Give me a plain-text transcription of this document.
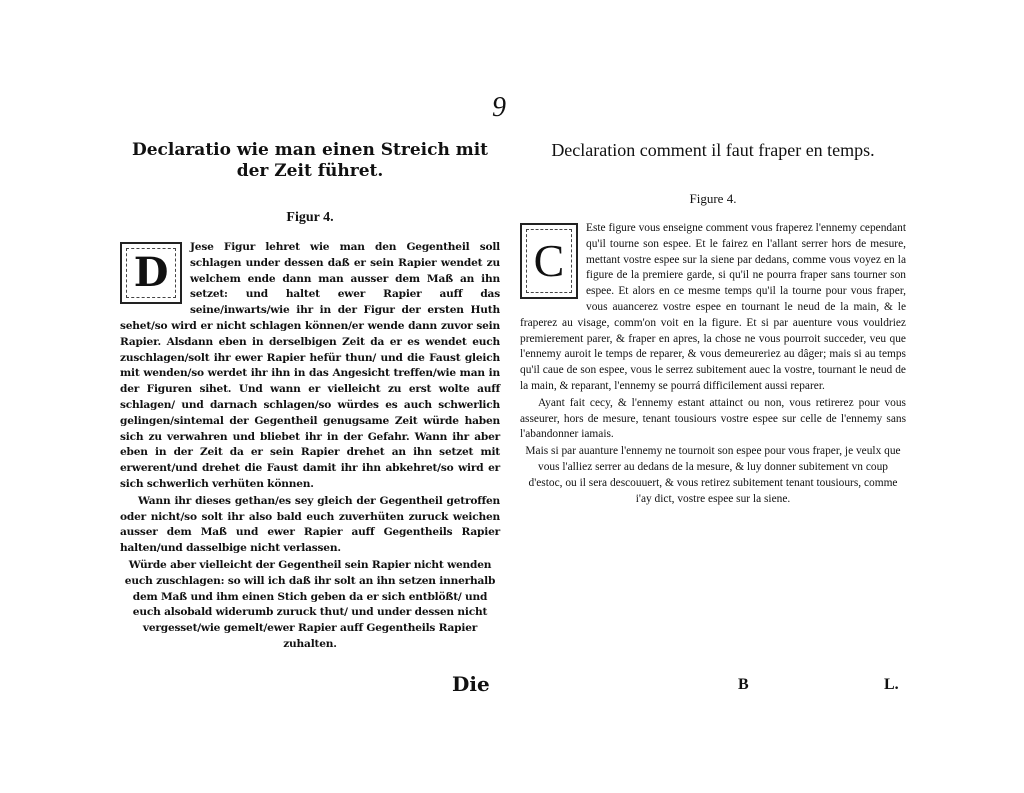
9

Declaratio wie man einen Streich mit der Zeit führet.

Figur 4.
D

Jese Figur lehret wie man den Gegentheil soll schlagen under dessen daß er sein Rapier wendet zu welchem ende dann man ausser dem Maß an ihn setzet: und haltet ewer Rapier auff das seine/inwarts/wie ihr in der Figur der ersten Huth sehet/so wird er nicht schlagen können/er wende dann zuvor sein Rapier. Alsdann eben in derselbigen Zeit da er es wendet euch zuschlagen/solt ihr ewer Rapier hefür thun/ und die Faust gleich mit wenden/so werdet ihr ihn in das Angesicht treffen/wie man in der Figuren sihet. Und wann er vielleicht zu erst wolte auff schlagen/ und darnach schlagen/so würdes es auch schwerlich gelingen/sintemal der Gegentheil genugsame Zeit würde haben sich zu verwahren und bliebet ihr in der Gefahr. Wann ihr aber eben in der Zeit da er sein Rapier drehet an ihn setzet mit erwerent/und drehet die Faust damit ihr ihn abkehret/so wird er sich schwerlich verhüten können.

Wann ihr dieses gethan/es sey gleich der Gegentheil getroffen oder nicht/so solt ihr also bald euch zuverhüten zuruck weichen ausser dem Maß und ewer Rapier auff Gegentheils Rapier halten/und dasselbige nicht verlassen.

Würde aber vielleicht der Gegentheil sein Rapier nicht wenden euch zuschlagen: so will ich daß ihr solt an ihn setzen innerhalb dem Maß und ihm einen Stich geben da er sich entblößt/ und euch alsobald widerumb zuruck thut/ und under dessen nicht vergesset/wie gemelt/ewer Rapier auff Gegentheils Rapier zuhalten.

Declaration comment il faut fraper en temps.

Figure 4.
C

Este figure vous enseigne comment vous fraperez l'ennemy cependant qu'il tourne son espee. Et le fairez en l'allant serrer hors de mesure, mettant vostre espee sur la siene par dedans, comme vous voyez en la figure de la premiere garde, si qu'il ne pourra fraper sans tourner son espee. Et alors en ce mesme temps qu'il la tourne pour vous fraper, vous auancerez vostre espee en tournant le neud de la main, & le fraperez au visage, comm'on voit en la figure. Et si par auenture vous vouldriez premierement parer, & fraper en apres, la chose ne vous pourroit succeder, veu que l'ennemy auroit le temps de reparer, & vous demeureriez au dâger; mais si au temps qu'il caue de son espee, vous le serrez subitement auec la vostre, tournant le neud de la main, & reparant, l'ennemy se pourrá difficilement aussi reparer.

Ayant fait cecy, & l'ennemy estant attainct ou non, vous retirerez pour vous asseurer, hors de mesure, tenant tousiours vostre espee sur celle de l'ennemy sans l'abandonner iamais.

Mais si par auanture l'ennemy ne tournoit son espee pour vous fraper, je veulx que vous l'alliez serrer au dedans de la mesure, & luy donner subitement vn coup d'estoc, ou il sera descouuert, & vous retirez subitement tenant tousiours, comme i'ay dict, vostre espee sur la siene.

Die	B	L.
